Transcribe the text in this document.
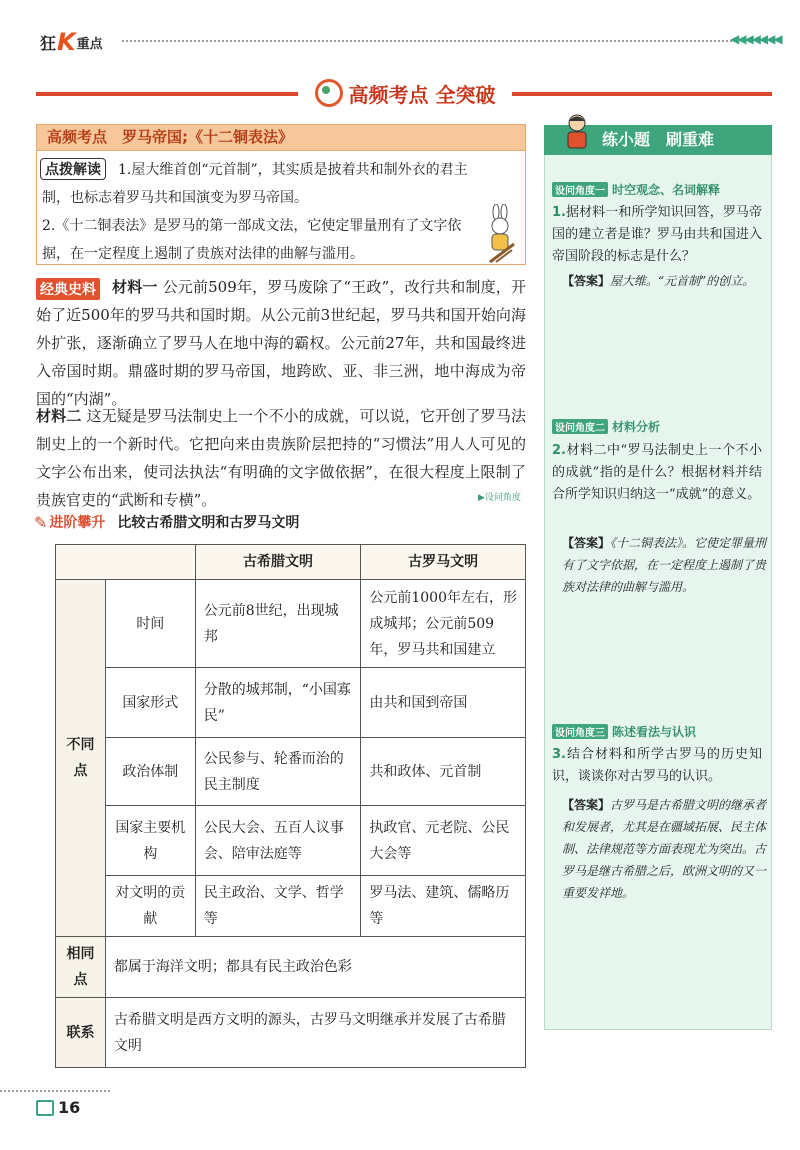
狂 K 重点	◀◀◀◀◀◀◀
高频考点 全突破
高频考点　罗马帝国;《十二铜表法》
1.屋大维首创“元首制”，其实质是披着共和制外衣的君主制，也标志着罗马共和国演变为罗马帝国。
2.《十二铜表法》是罗马的第一部成文法，它使定罪量刑有了文字依据，在一定程度上遏制了贵族对法律的曲解与滥用。
点拨解读
材料一 公元前509年，罗马废除了“王政”，改行共和制度，开始了近500年的罗马共和国时期。从公元前3世纪起，罗马共和国开始向海外扩张，逐渐确立了罗马人在地中海的霸权。公元前27年，共和国最终进入帝国时期。鼎盛时期的罗马帝国，地跨欧、亚、非三洲，地中海成为帝国的“内湖”。
经典史料
材料二 这无疑是罗马法制史上一个不小的成就，可以说，它开创了罗马法制史上的一个新时代。它把向来由贵族阶层把持的“习惯法”用人人可见的文字公布出来，使司法执法“有明确的文字做依据”，在很大程度上限制了贵族官吏的“武断和专横”。	▶设问角度
✎ 进阶攀升 比较古希腊文明和古罗马文明
		古希腊文明	古罗马文明
不同点	时间	公元前8世纪，出现城邦	公元前1000年左右，形成城邦；公元前509年，罗马共和国建立
	国家形式	分散的城邦制，“小国寡民”	由共和国到帝国
	政治体制	公民参与、轮番而治的民主制度	共和政体、元首制
	国家主要机构	公民大会、五百人议事会、陪审法庭等	执政官、元老院、公民大会等
	对文明的贡献	民主政治、文学、哲学等	罗马法、建筑、儒略历等
相同点	都属于海洋文明；都具有民主政治色彩		
联系	古希腊文明是西方文明的源头，古罗马文明继承并发展了古希腊文明		
练小题　刷重难
设问角度一 时空观念、名词解释
1.据材料一和所学知识回答，罗马帝国的建立者是谁？罗马由共和国进入帝国阶段的标志是什么？
【答案】屋大维。“元首制”的创立。
设问角度二 材料分析
2.材料二中“罗马法制史上一个不小的成就”指的是什么？根据材料并结合所学知识归纳这一“成就”的意义。
【答案】《十二铜表法》。它使定罪量刑有了文字依据，在一定程度上遏制了贵族对法律的曲解与滥用。
设问角度三 陈述看法与认识
3.结合材料和所学古罗马的历史知识，谈谈你对古罗马的认识。
【答案】古罗马是古希腊文明的继承者和发展者，尤其是在疆域拓展、民主体制、法律规范等方面表现尤为突出。古罗马是继古希腊之后，欧洲文明的又一重要发祥地。
16
